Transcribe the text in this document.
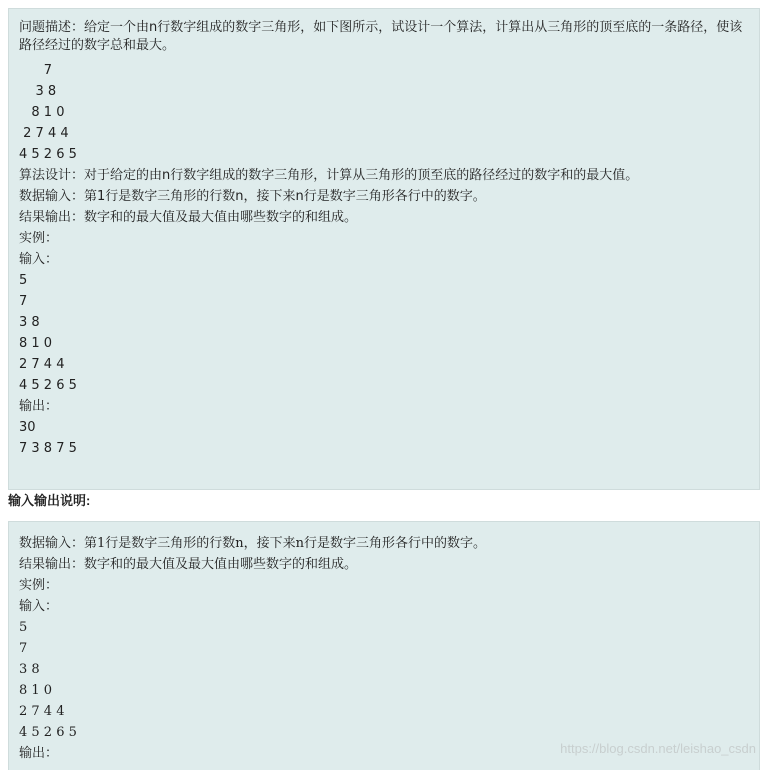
问题描述：给定一个由n行数字组成的数字三角形，如下图所示，试设计一个算法，计算出从三角形的顶至底的一条路径，使该路径经过的数字总和最大。
7
3 8
8 1 0
2 7 4 4
4 5 2 6 5
算法设计：对于给定的由n行数字组成的数字三角形，计算从三角形的顶至底的路径经过的数字和的最大值。
数据输入：第1行是数字三角形的行数n，接下来n行是数字三角形各行中的数字。
结果输出：数字和的最大值及最大值由哪些数字的和组成。
实例：
输入：
5
7
3 8
8 1 0
2 7 4 4
4 5 2 6 5
输出：
30
7 3 8 7 5
输入输出说明:
数据输入：第1行是数字三角形的行数n，接下来n行是数字三角形各行中的数字。
结果输出：数字和的最大值及最大值由哪些数字的和组成。
实例：
输入：
5
7
3 8
8 1 0
2 7 4 4
4 5 2 6 5
输出：	https://blog.csdn.net/leishao_csdn
